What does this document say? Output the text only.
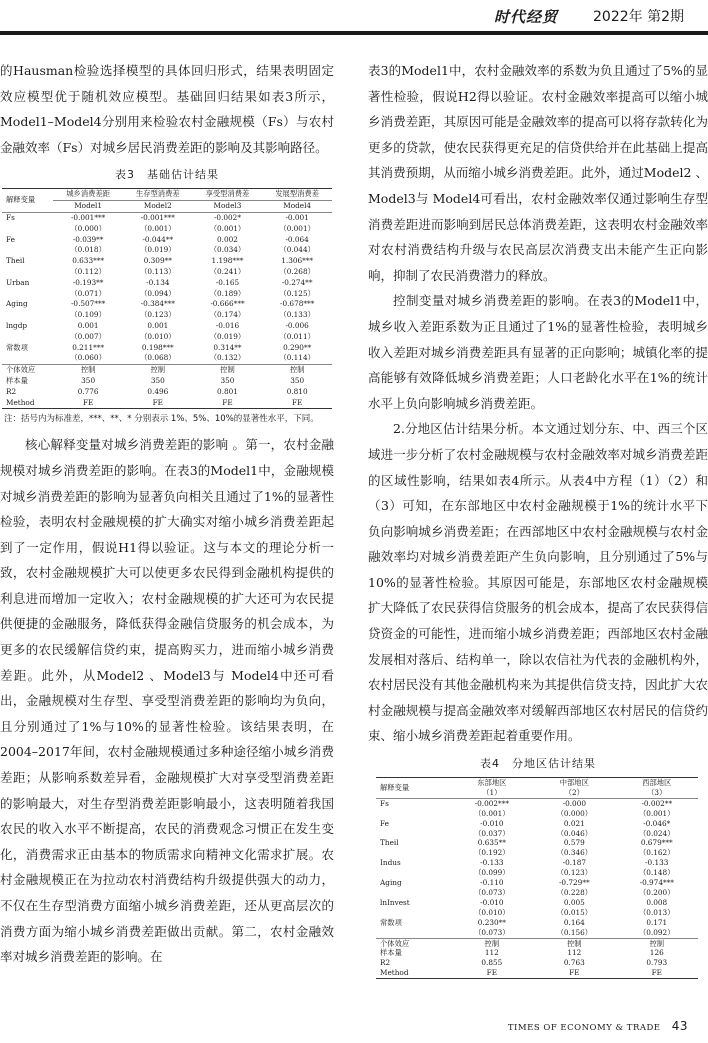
时代经贸	2022年 第2期

的Hausman检验选择模型的具体回归形式，结果表明固定效应模型优于随机效应模型。基础回归结果如表3所示，Model1–Model4分别用来检验农村金融规模（Fs）与农村金融效率（Fs）对城乡居民消费差距的影响及其影响路径。

表3　基础估计结果
解释变量	城乡消费差距	生存型消费差	享受型消费差	发展型消费差
	Model1	Model2	Model3	Model4
Fs	-0.001***	-0.001***	-0.002*	-0.001
	（0.000）	（0.001）	（0.001）	（0.001）
Fe	-0.039**	-0.044**	0.002	-0.064
	（0.018）	（0.019）	（0.034）	（0.044）
Theil	0.633***	0.309**	1.198***	1.306***
	（0.112）	（0.113）	（0.241）	（0.268）
Urban	-0.193**	-0.134	-0.165	-0.274**
	（0.071）	（0.094）	（0.189）	（0.125）
Aging	-0.507***	-0.384***	-0.666***	-0.678***
	（0.109）	（0.123）	（0.174）	（0.133）
lngdp	0.001	0.001	-0.016	-0.006
	（0.007）	（0.010）	（0.019）	（0.011）
常数项	0.211***	0.198***	0.314**	0.290**
	（0.060）	（0.068）	（0.132）	（0.114）
个体效应	控制	控制	控制	控制
样本量	350	350	350	350
R2	0.776	0.496	0.801	0.810
Method	FE	FE	FE	FE
注：括号内为标准差，***、**、* 分别表示 1%、5%、10%的显著性水平，下同。

核心解释变量对城乡消费差距的影响 。第一，农村金融规模对城乡消费差距的影响。在表3的Model1中，金融规模对城乡消费差距的影响为显著负向相关且通过了1%的显著性检验，表明农村金融规模的扩大确实对缩小城乡消费差距起到了一定作用，假说H1得以验证。这与本文的理论分析一致，农村金融规模扩大可以使更多农民得到金融机构提供的利息进而增加一定收入；农村金融规模的扩大还可为农民提供便捷的金融服务，降低获得金融信贷服务的机会成本，为更多的农民缓解信贷约束，提高购买力，进而缩小城乡消费差距。此外，从Model2 、Model3与 Model4中还可看出，金融规模对生存型、享受型消费差距的影响均为负向，且分别通过了1%与10%的显著性检验。该结果表明，在2004–2017年间，农村金融规模通过多种途径缩小城乡消费差距；从影响系数差异看，金融规模扩大对享受型消费差距的影响最大，对生存型消费差距影响最小，这表明随着我国农民的收入水平不断提高，农民的消费观念习惯正在发生变化，消费需求正由基本的物质需求向精神文化需求扩展。农村金融规模正在为拉动农村消费结构升级提供强大的动力，不仅在生存型消费方面缩小城乡消费差距，还从更高层次的消费方面为缩小城乡消费差距做出贡献。第二，农村金融效率对城乡消费差距的影响。在

表3的Model1中，农村金融效率的系数为负且通过了5%的显著性检验，假说H2得以验证。农村金融效率提高可以缩小城乡消费差距，其原因可能是金融效率的提高可以将存款转化为更多的贷款，使农民获得更充足的信贷供给并在此基础上提高其消费预期，从而缩小城乡消费差距。此外，通过Model2 、Model3与 Model4可看出，农村金融效率仅通过影响生存型消费差距进而影响到居民总体消费差距，这表明农村金融效率对农村消费结构升级与农民高层次消费支出未能产生正向影响，抑制了农民消费潜力的释放。

控制变量对城乡消费差距的影响。在表3的Model1中，城乡收入差距系数为正且通过了1%的显著性检验，表明城乡收入差距对城乡消费差距具有显著的正向影响；城镇化率的提高能够有效降低城乡消费差距；人口老龄化水平在1%的统计水平上负向影响城乡消费差距。

2.分地区估计结果分析。本文通过划分东、中、西三个区域进一步分析了农村金融规模与农村金融效率对城乡消费差距的区域性影响，结果如表4所示。从表4中方程（1）（2）和（3）可知，在东部地区中农村金融规模于1%的统计水平下负向影响城乡消费差距；在西部地区中农村金融规模与农村金融效率均对城乡消费差距产生负向影响，且分别通过了5%与10%的显著性检验。其原因可能是，东部地区农村金融规模扩大降低了农民获得信贷服务的机会成本，提高了农民获得信贷资金的可能性，进而缩小城乡消费差距；西部地区农村金融发展相对落后、结构单一，除以农信社为代表的金融机构外，农村居民没有其他金融机构来为其提供信贷支持，因此扩大农村金融规模与提高金融效率对缓解西部地区农村居民的信贷约束、缩小城乡消费差距起着重要作用。

表4　分地区估计结果
解释变量	东部地区	中部地区	西部地区
	（1）	（2）	（3）
Fs	-0.002***	-0.000	-0.002**
	（0.001）	（0.000）	（0.001）
Fe	-0.010	0.021	-0.046*
	（0.037）	（0.046）	（0.024）
Theil	0.635**	0.579	0.679***
	（0.192）	（0.346）	（0.162）
Indus	-0.133	-0.187	-0.133
	（0.099）	（0.123）	（0.148）
Aging	-0.110	-0.729**	-0.974***
	（0.073）	（0.228）	（0.200）
lnInvest	-0.010	0.005	0.008
	（0.010）	（0.015）	（0.013）
常数项	0.230**	0.164	0.171
	（0.073）	（0.156）	（0.092）
个体效应	控制	控制	控制
样本量	112	112	126
R2	0.855	0.763	0.793
Method	FE	FE	FE
TIMES OF ECONOMY & TRADE 43
